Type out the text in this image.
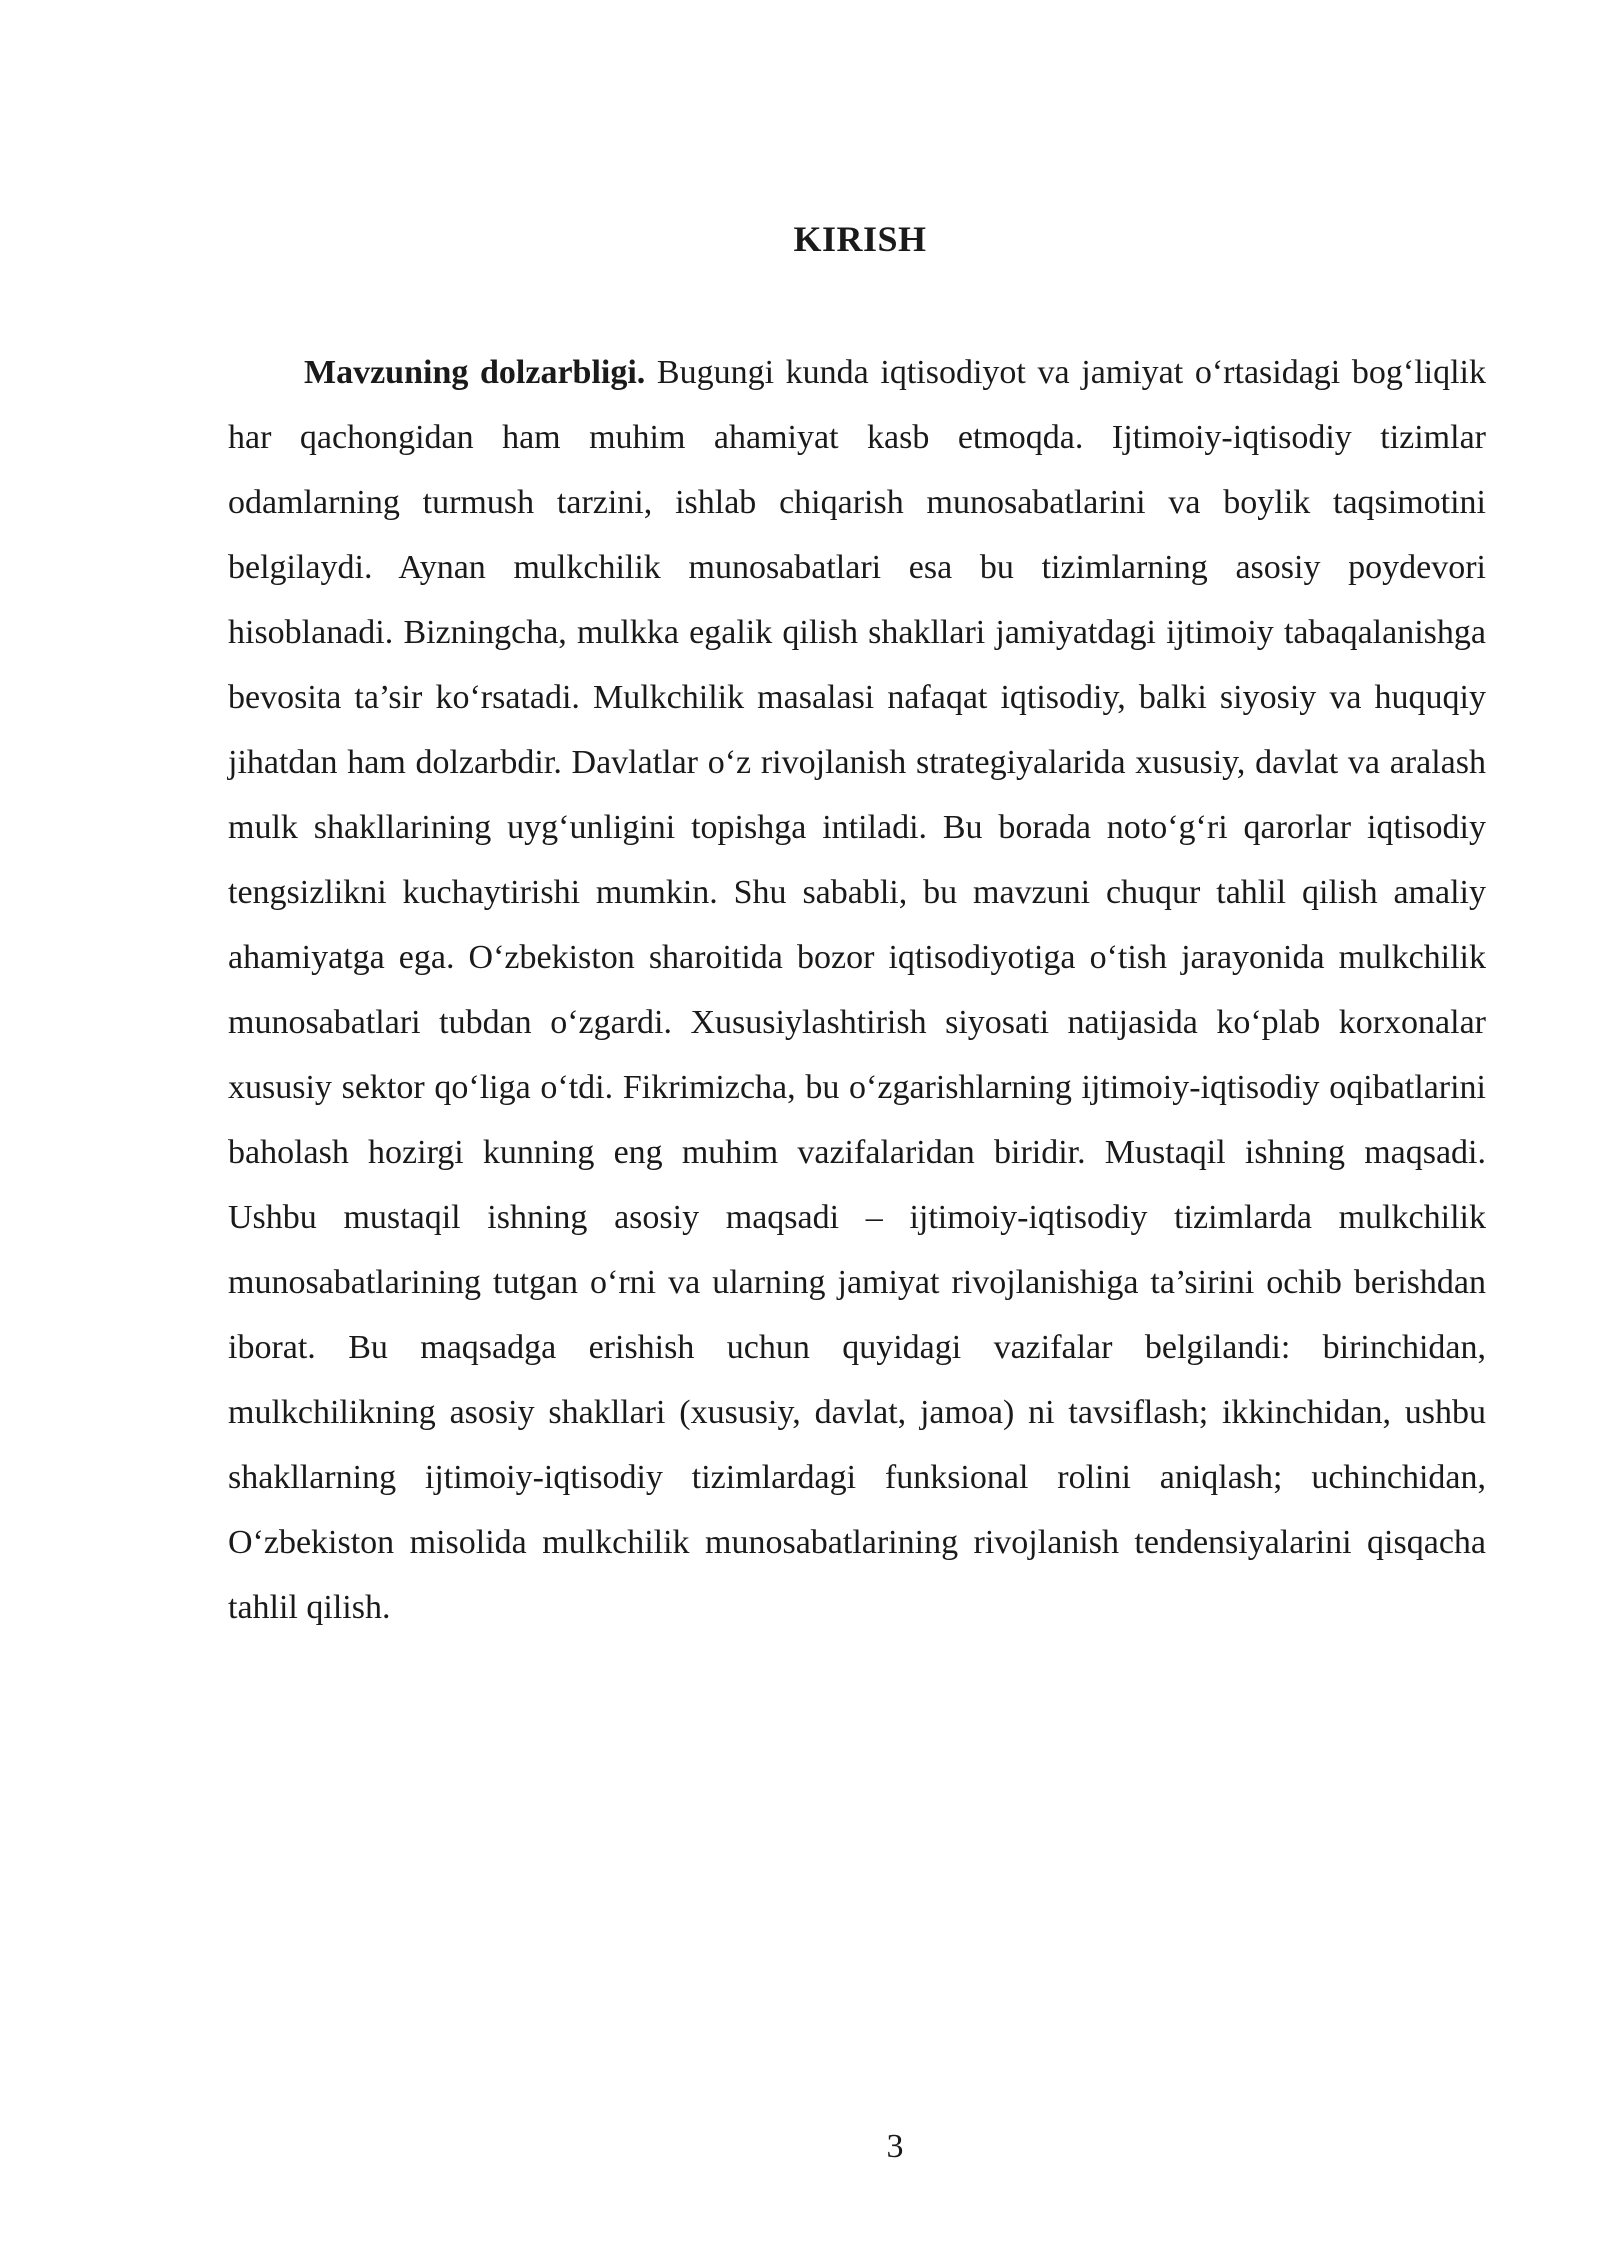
KIRISH

Mavzuning dolzarbligi. Bugungi kunda iqtisodiyot va jamiyat o‘rtasidagi bog‘liqlik har qachongidan ham muhim ahamiyat kasb etmoqda. Ijtimoiy-iqtisodiy tizimlar odamlarning turmush tarzini, ishlab chiqarish munosabatlarini va boylik taqsimotini belgilaydi. Aynan mulkchilik munosabatlari esa bu tizimlarning asosiy poydevori hisoblanadi. Bizningcha, mulkka egalik qilish shakllari jamiyatdagi ijtimoiy tabaqalanishga bevosita ta’sir ko‘rsatadi. Mulkchilik masalasi nafaqat iqtisodiy, balki siyosiy va huquqiy jihatdan ham dolzarbdir. Davlatlar o‘z rivojlanish strategiyalarida xususiy, davlat va aralash mulk shakllarining uyg‘unligini topishga intiladi. Bu borada noto‘g‘ri qarorlar iqtisodiy tengsizlikni kuchaytirishi mumkin. Shu sababli, bu mavzuni chuqur tahlil qilish amaliy ahamiyatga ega. O‘zbekiston sharoitida bozor iqtisodiyotiga o‘tish jarayonida mulkchilik munosabatlari tubdan o‘zgardi. Xususiylashtirish siyosati natijasida ko‘plab korxonalar xususiy sektor qo‘liga o‘tdi. Fikrimizcha, bu o‘zgarishlarning ijtimoiy-iqtisodiy oqibatlarini baholash hozirgi kunning eng muhim vazifalaridan biridir. Mustaqil ishning maqsadi. Ushbu mustaqil ishning asosiy maqsadi – ijtimoiy-iqtisodiy tizimlarda mulkchilik munosabatlarining tutgan o‘rni va ularning jamiyat rivojlanishiga ta’sirini ochib berishdan iborat. Bu maqsadga erishish uchun quyidagi vazifalar belgilandi: birinchidan, mulkchilikning asosiy shakllari (xususiy, davlat, jamoa) ni tavsiflash; ikkinchidan, ushbu shakllarning ijtimoiy-iqtisodiy tizimlardagi funksional rolini aniqlash; uchinchidan, O‘zbekiston misolida mulkchilik munosabatlarining rivojlanish tendensiyalarini qisqacha tahlil qilish.

3
